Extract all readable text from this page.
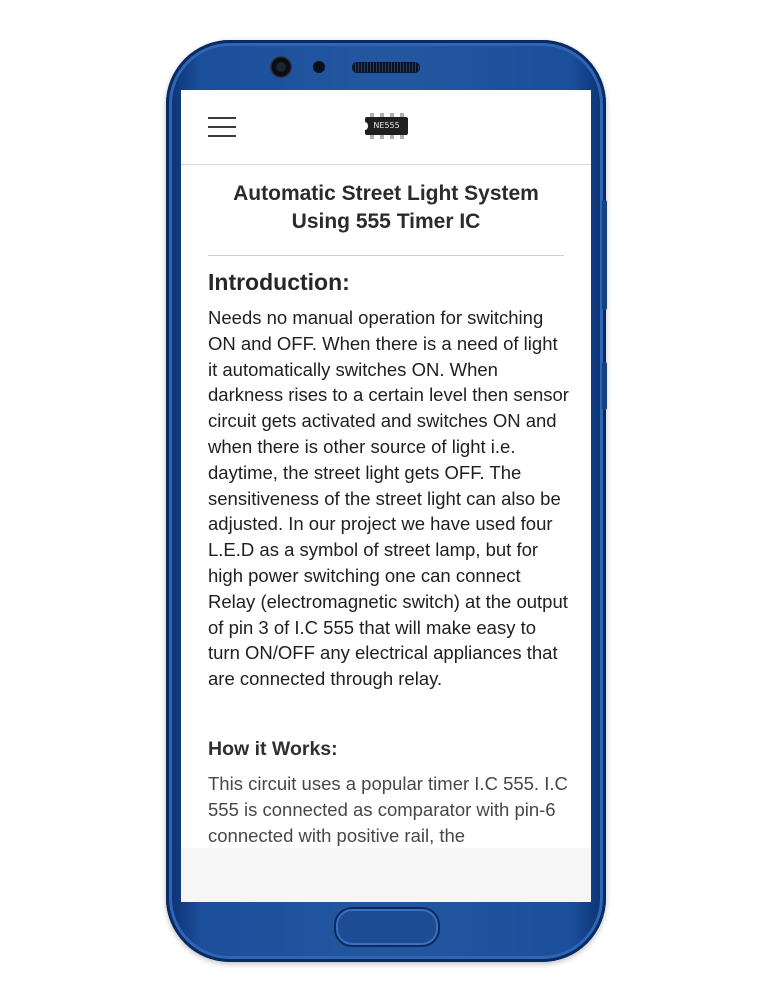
NE555
Automatic Street Light System
Using 555 Timer IC
Introduction:

Needs no manual operation for switching ON and OFF. When there is a need of light it automatically switches ON. When darkness rises to a certain level then sensor circuit gets activated and switches ON and when there is other source of light i.e. daytime, the street light gets OFF. The sensitiveness of the street light can also be adjusted. In our project we have used four L.E.D as a symbol of street lamp, but for high power switching one can connect Relay (electromagnetic switch) at the output of pin 3 of I.C 555 that will make easy to turn ON/OFF any electrical appliances that are connected through relay.

How it Works:

This circuit uses a popular timer I.C 555. I.C 555 is connected as comparator with pin-6 connected with positive rail, the
